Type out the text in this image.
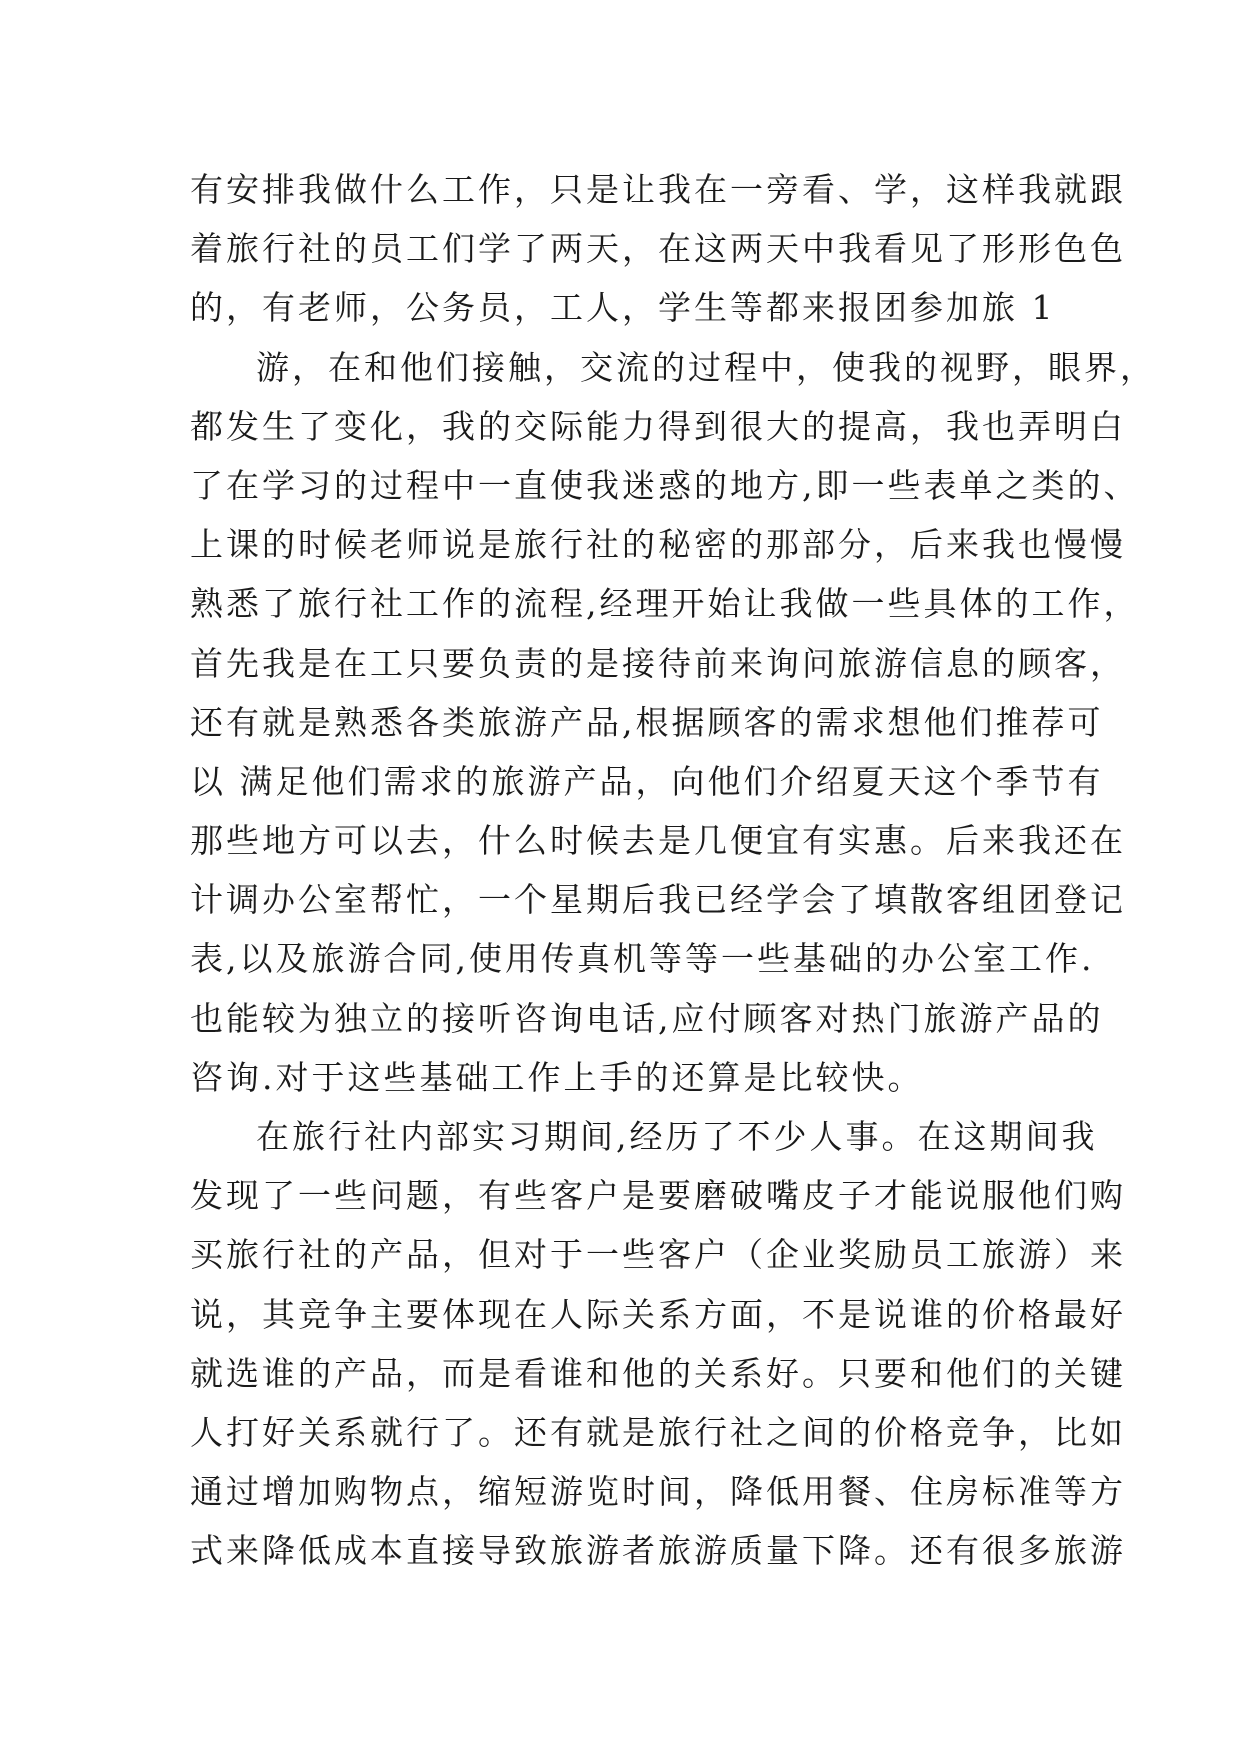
有安排我做什么工作，只是让我在一旁看、学，这样我就跟
着旅行社的员工们学了两天，在这两天中我看见了形形色色
的，有老师，公务员，工人，学生等都来报团参加旅 1
游，在和他们接触，交流的过程中，使我的视野，眼界，
都发生了变化，我的交际能力得到很大的提高，我也弄明白
了在学习的过程中一直使我迷惑的地方,即一些表单之类的、
上课的时候老师说是旅行社的秘密的那部分，后来我也慢慢
熟悉了旅行社工作的流程,经理开始让我做一些具体的工作，
首先我是在工只要负责的是接待前来询问旅游信息的顾客，
还有就是熟悉各类旅游产品,根据顾客的需求想他们推荐可
以 满足他们需求的旅游产品，向他们介绍夏天这个季节有
那些地方可以去，什么时候去是几便宜有实惠。后来我还在
计调办公室帮忙，一个星期后我已经学会了填散客组团登记
表,以及旅游合同,使用传真机等等一些基础的办公室工作.
也能较为独立的接听咨询电话,应付顾客对热门旅游产品的
咨询.对于这些基础工作上手的还算是比较快。
在旅行社内部实习期间,经历了不少人事。在这期间我
发现了一些问题，有些客户是要磨破嘴皮子才能说服他们购
买旅行社的产品，但对于一些客户（企业奖励员工旅游）来
说，其竞争主要体现在人际关系方面，不是说谁的价格最好
就选谁的产品，而是看谁和他的关系好。只要和他们的关键
人打好关系就行了。还有就是旅行社之间的价格竞争，比如
通过增加购物点，缩短游览时间，降低用餐、住房标准等方
式来降低成本直接导致旅游者旅游质量下降。还有很多旅游
